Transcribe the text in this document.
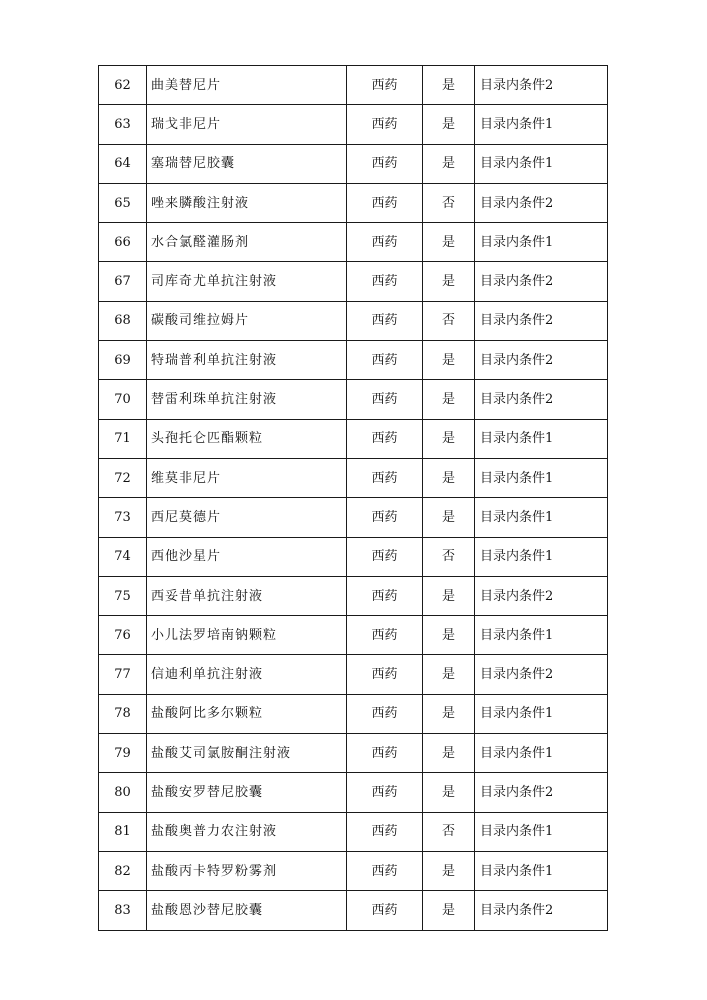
62	曲美替尼片	西药	是	目录内条件2
63	瑞戈非尼片	西药	是	目录内条件1
64	塞瑞替尼胶囊	西药	是	目录内条件1
65	唑来膦酸注射液	西药	否	目录内条件2
66	水合氯醛灌肠剂	西药	是	目录内条件1
67	司库奇尤单抗注射液	西药	是	目录内条件2
68	碳酸司维拉姆片	西药	否	目录内条件2
69	特瑞普利单抗注射液	西药	是	目录内条件2
70	替雷利珠单抗注射液	西药	是	目录内条件2
71	头孢托仑匹酯颗粒	西药	是	目录内条件1
72	维莫非尼片	西药	是	目录内条件1
73	西尼莫德片	西药	是	目录内条件1
74	西他沙星片	西药	否	目录内条件1
75	西妥昔单抗注射液	西药	是	目录内条件2
76	小儿法罗培南钠颗粒	西药	是	目录内条件1
77	信迪利单抗注射液	西药	是	目录内条件2
78	盐酸阿比多尔颗粒	西药	是	目录内条件1
79	盐酸艾司氯胺酮注射液	西药	是	目录内条件1
80	盐酸安罗替尼胶囊	西药	是	目录内条件2
81	盐酸奥普力农注射液	西药	否	目录内条件1
82	盐酸丙卡特罗粉雾剂	西药	是	目录内条件1
83	盐酸恩沙替尼胶囊	西药	是	目录内条件2
